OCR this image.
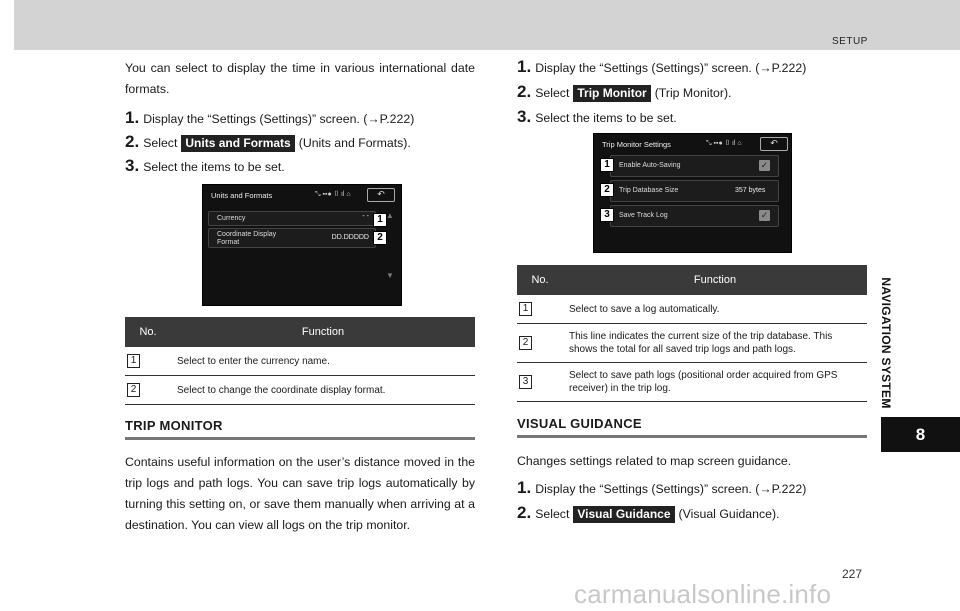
SETUP
NAVIGATION SYSTEM
8

You can select to display the time in various international date formats.

1. Display the “Settings (Settings)” screen. (→P.222)
2. Select Units and Formats (Units and Formats).
3. Select the items to be set.
Units and Formats	⤡ ▪▪● ▯ ıl ⌂	↶
Currency	- -
Coordinate Display Format
DD.DDDDD
1
2
▲
▼
No.	Function
1	Select to enter the currency name.
2	Select to change the coordinate display format.
TRIP MONITOR

Contains useful information on the user’s distance moved in the trip logs and path logs. You can save trip logs automatically by turning this setting on, or save them manually when arriving at a destination. You can view all logs on the trip monitor.

1. Display the “Settings (Settings)” screen. (→P.222)
2. Select Trip Monitor (Trip Monitor).
3. Select the items to be set.
Trip Monitor Settings	⤡ ▪▪● ▯ ıl ⌂	↶
Enable Auto-Saving	✓
Trip Database Size	357 bytes
Save Track Log	✓
1
2
3
No.	Function
1	Select to save a log automatically.
2	This line indicates the current size of the trip database. This shows the total for all saved trip logs and path logs.
3	Select to save path logs (positional order acquired from GPS receiver) in the trip log.
VISUAL GUIDANCE

Changes settings related to map screen guidance.

1. Display the “Settings (Settings)” screen. (→P.222)
2. Select Visual Guidance (Visual Guidance).
227
carmanualsonline.info
